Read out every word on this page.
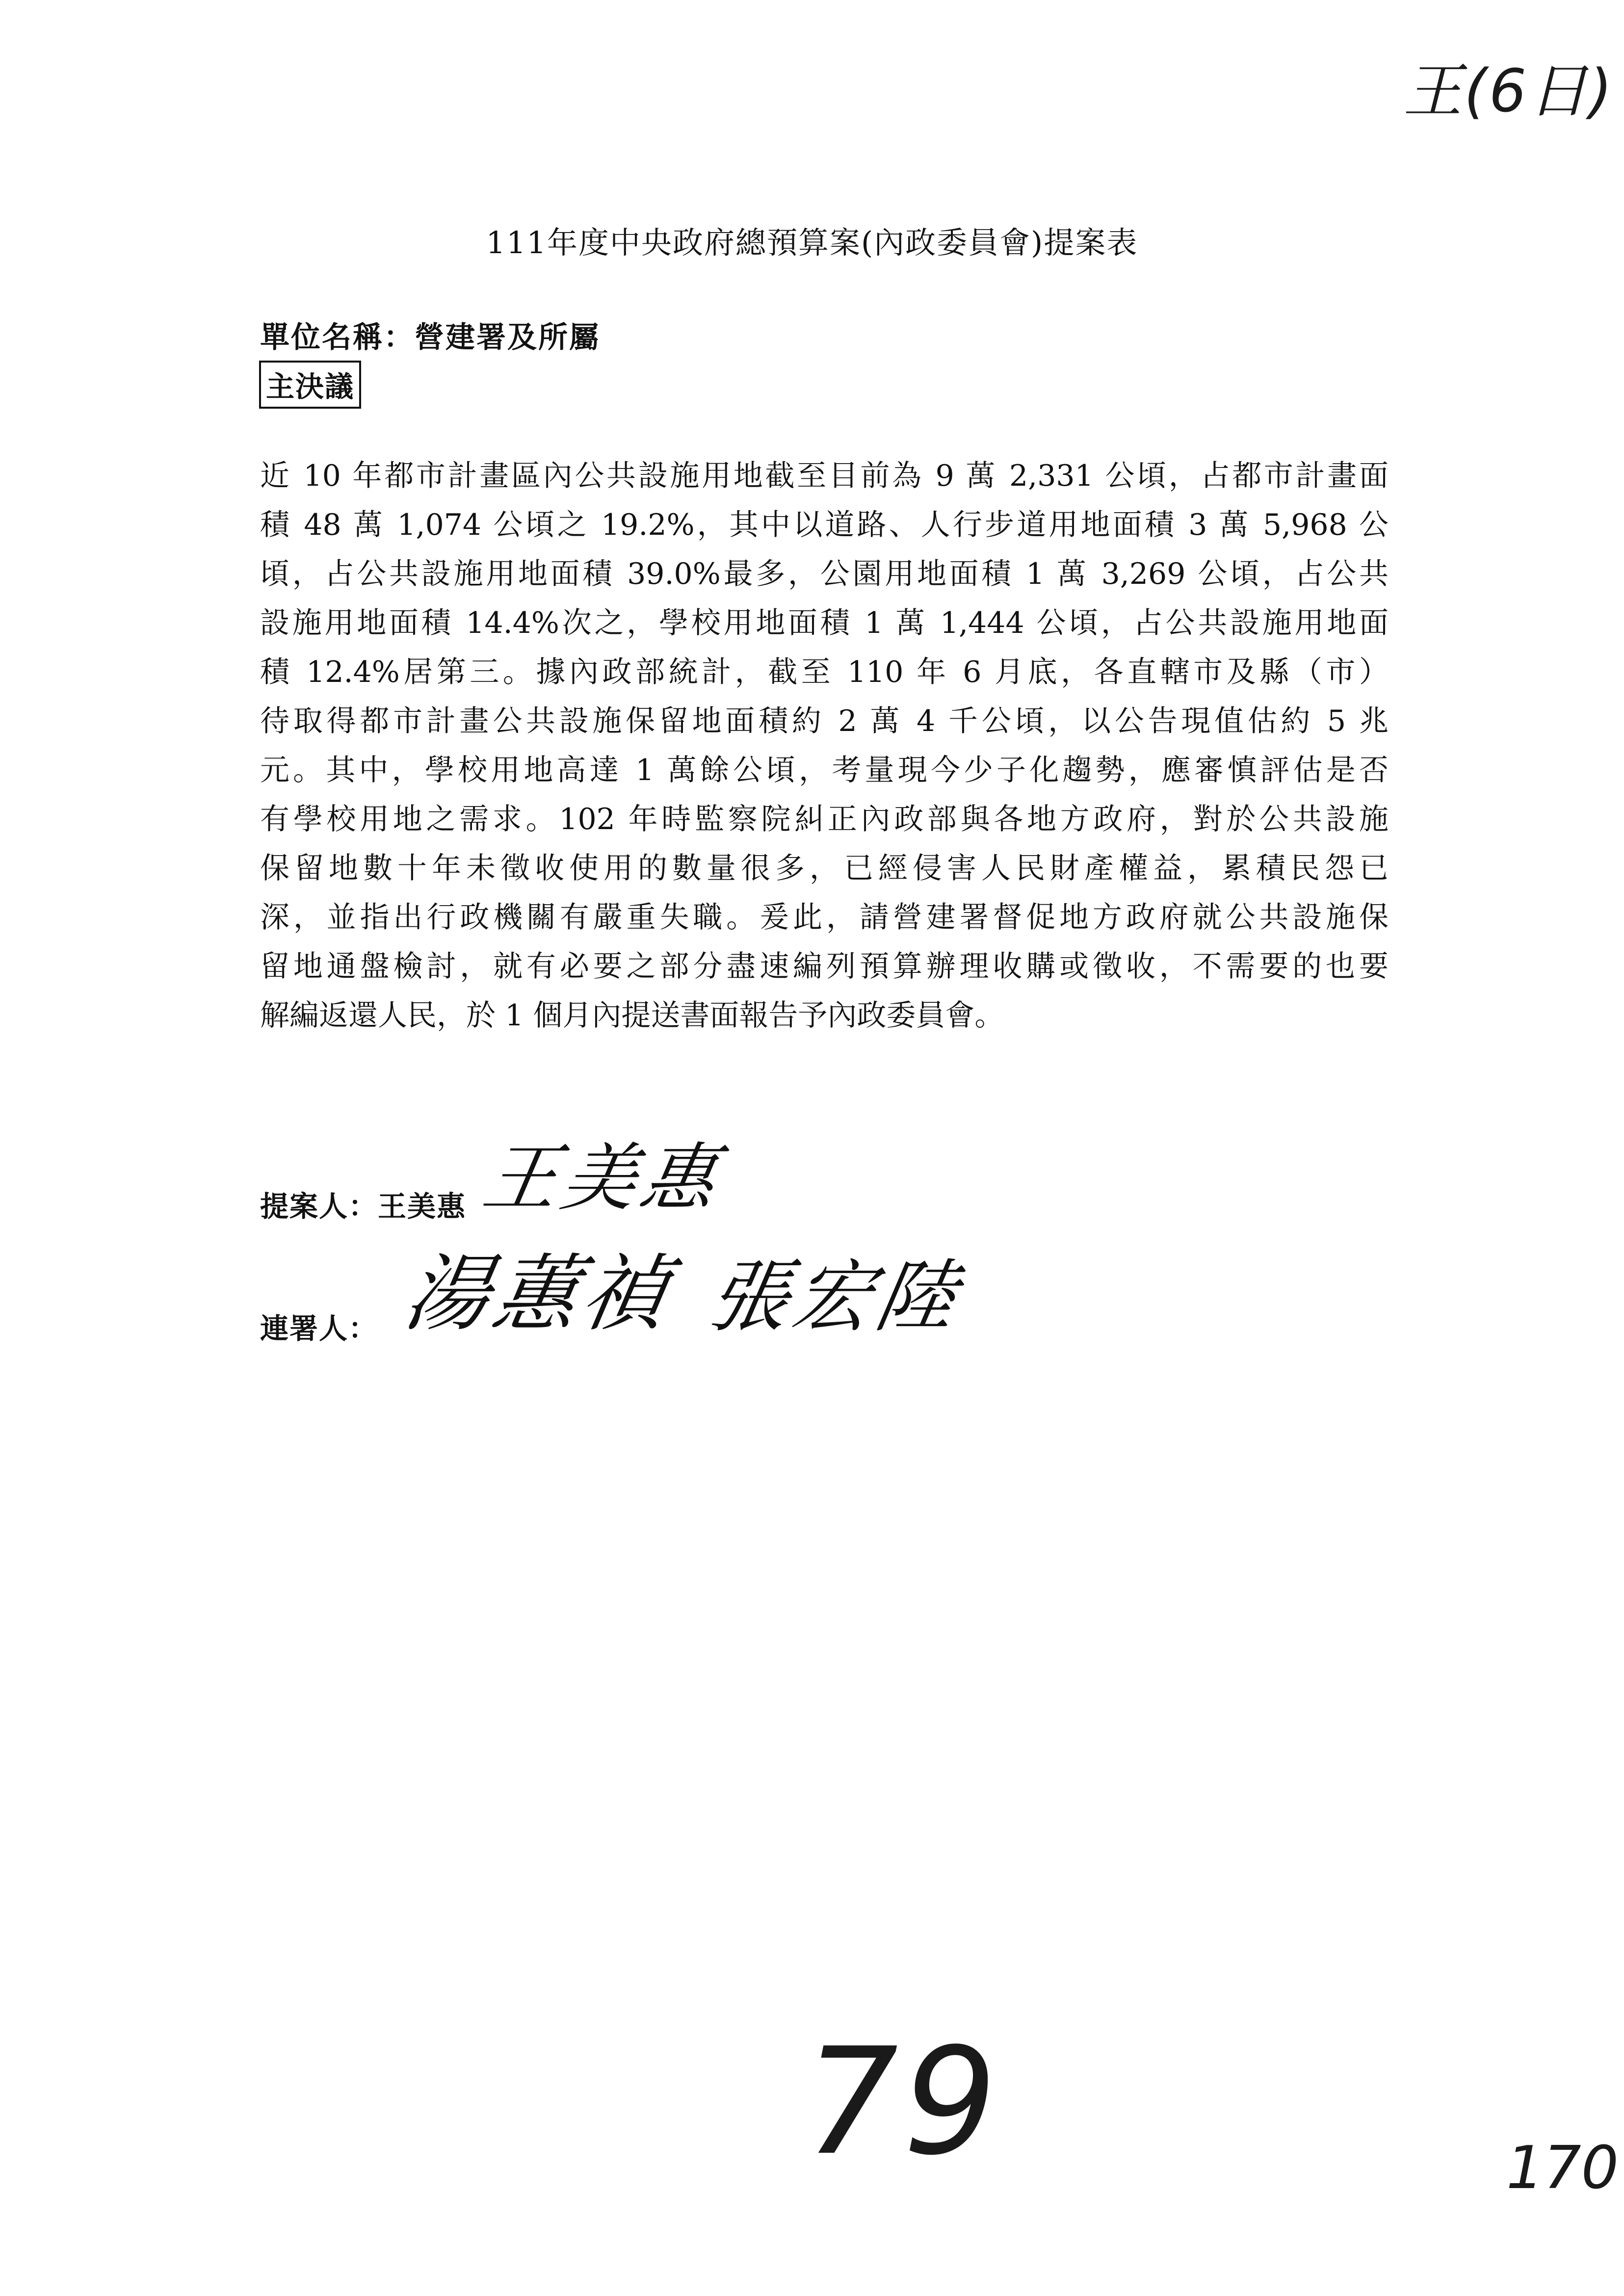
王(6日)
111年度中央政府總預算案(內政委員會)提案表
單位名稱：營建署及所屬
主決議
近 10 年都市計畫區內公共設施用地截至目前為 9 萬 2,331 公頃，占都市計畫面
積 48 萬 1,074 公頃之 19.2%，其中以道路、人行步道用地面積 3 萬 5,968 公
頃，占公共設施用地面積 39.0%最多，公園用地面積 1 萬 3,269 公頃，占公共
設施用地面積 14.4%次之，學校用地面積 1 萬 1,444 公頃，占公共設施用地面
積 12.4%居第三。據內政部統計，截至 110 年 6 月底，各直轄市及縣（市）
待取得都市計畫公共設施保留地面積約 2 萬 4 千公頃，以公告現值估約 5 兆
元。其中，學校用地高達 1 萬餘公頃，考量現今少子化趨勢，應審慎評估是否
有學校用地之需求。102 年時監察院糾正內政部與各地方政府，對於公共設施
保留地數十年未徵收使用的數量很多，已經侵害人民財產權益，累積民怨已
深，並指出行政機關有嚴重失職。爰此，請營建署督促地方政府就公共設施保
留地通盤檢討，就有必要之部分盡速編列預算辦理收購或徵收，不需要的也要
解編返還人民，於 1 個月內提送書面報告予內政委員會。
提案人： 王美惠 王美惠
連署人： 湯蕙禎 張宏陸
79	170
